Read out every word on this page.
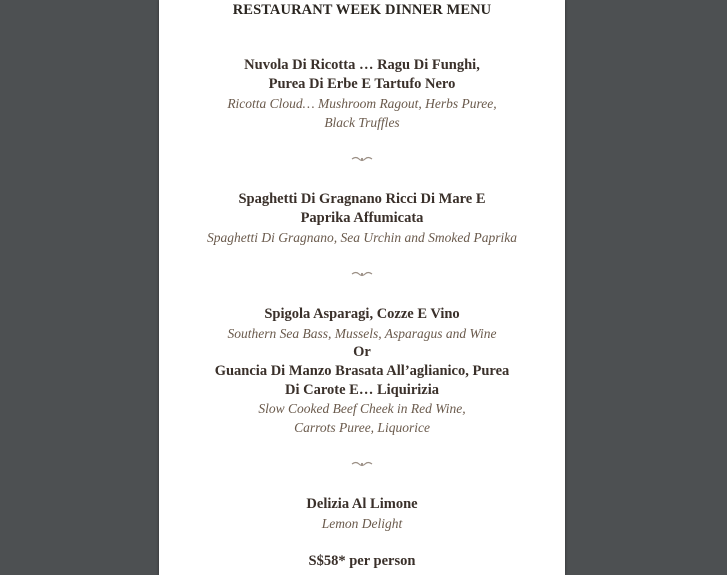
RESTAURANT WEEK DINNER MENU
Nuvola Di Ricotta … Ragu Di Funghi,
Purea Di Erbe E Tartufo Nero
Ricotta Cloud… Mushroom Ragout, Herbs Puree,
Black Truffles
Spaghetti Di Gragnano Ricci Di Mare E
Paprika Affumicata
Spaghetti Di Gragnano, Sea Urchin and Smoked Paprika
Spigola Asparagi, Cozze E Vino
Southern Sea Bass, Mussels, Asparagus and Wine
Or
Guancia Di Manzo Brasata All’aglianico, Purea
Di Carote E… Liquirizia
Slow Cooked Beef Cheek in Red Wine,
Carrots Puree, Liquorice
Delizia Al Limone
Lemon Delight
S$58* per person
